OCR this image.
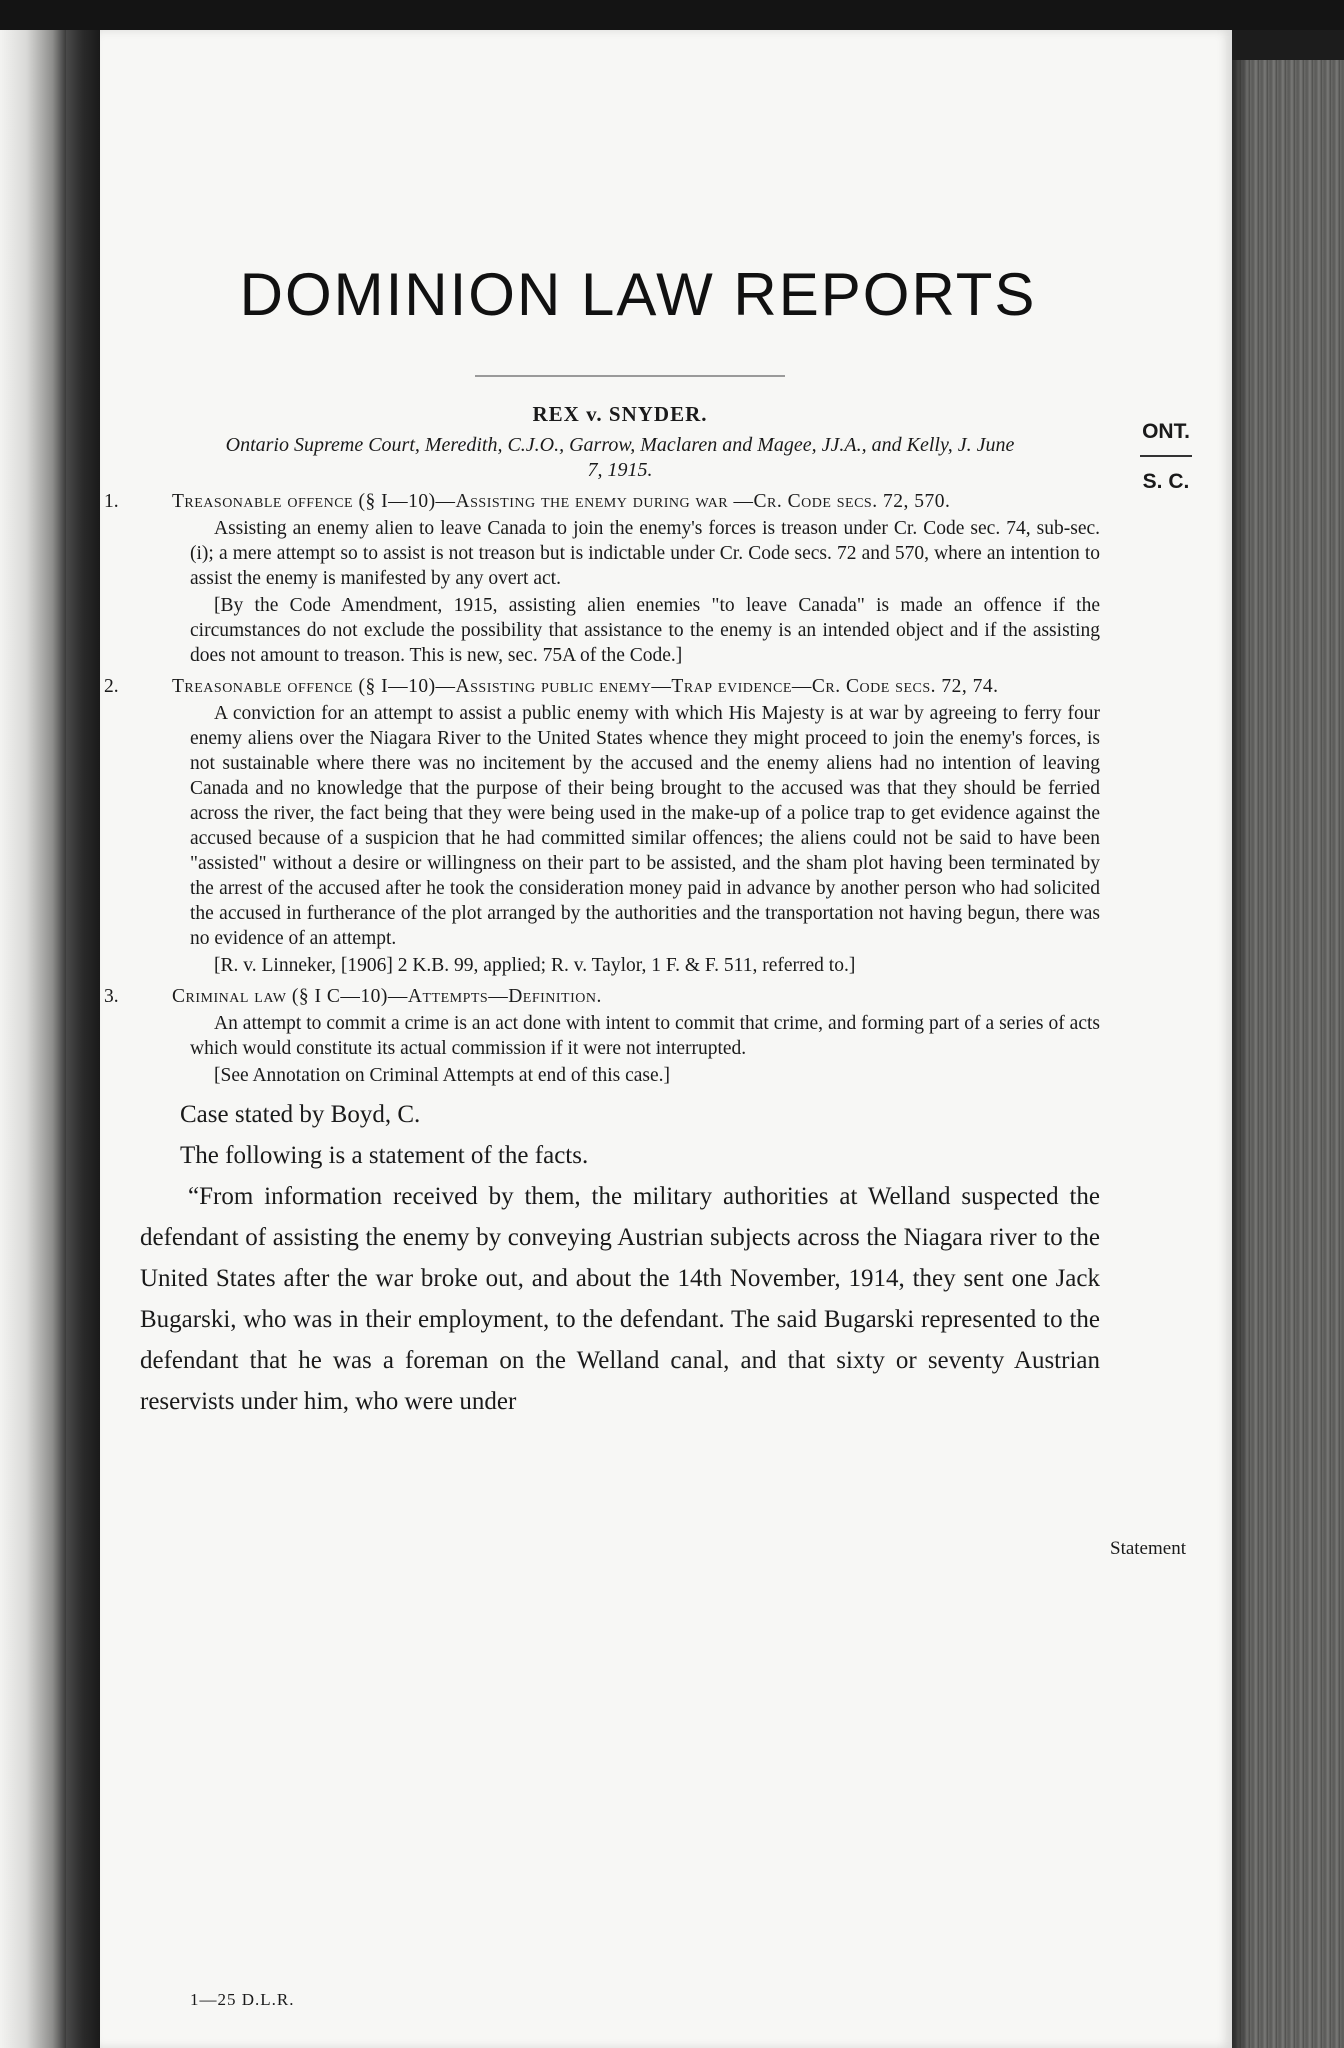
DOMINION LAW REPORTS
ONT.
S. C.
Statement

REX v. SNYDER.

Ontario Supreme Court, Meredith, C.J.O., Garrow, Maclaren and Magee, JJ.A., and Kelly, J. June 7, 1915.

1.	Treasonable offence (§ I—10)—Assisting the enemy during war —Cr. Code secs. 72, 570.

Assisting an enemy alien to leave Canada to join the enemy's forces is treason under Cr. Code sec. 74, sub-sec. (i); a mere attempt so to assist is not treason but is indictable under Cr. Code secs. 72 and 570, where an intention to assist the enemy is manifested by any overt act.

[By the Code Amendment, 1915, assisting alien enemies "to leave Canada" is made an offence if the circumstances do not exclude the possibility that assistance to the enemy is an intended object and if the assisting does not amount to treason. This is new, sec. 75A of the Code.]

2.	Treasonable offence (§ I—10)—Assisting public enemy—Trap evidence—Cr. Code secs. 72, 74.

A conviction for an attempt to assist a public enemy with which His Majesty is at war by agreeing to ferry four enemy aliens over the Niagara River to the United States whence they might proceed to join the enemy's forces, is not sustainable where there was no incitement by the accused and the enemy aliens had no intention of leaving Canada and no knowledge that the purpose of their being brought to the accused was that they should be ferried across the river, the fact being that they were being used in the make-up of a police trap to get evidence against the accused because of a suspicion that he had committed similar offences; the aliens could not be said to have been "assisted" without a desire or willingness on their part to be assisted, and the sham plot having been terminated by the arrest of the accused after he took the consideration money paid in advance by another person who had solicited the accused in furtherance of the plot arranged by the authorities and the transportation not having begun, there was no evidence of an attempt.

[R. v. Linneker, [1906] 2 K.B. 99, applied; R. v. Taylor, 1 F. & F. 511, referred to.]

3.	Criminal law (§ I C—10)—Attempts—Definition.

An attempt to commit a crime is an act done with intent to commit that crime, and forming part of a series of acts which would constitute its actual commission if it were not interrupted.

[See Annotation on Criminal Attempts at end of this case.]

Case stated by Boyd, C.

The following is a statement of the facts.

“From information received by them, the military authorities at Welland suspected the defendant of assisting the enemy by conveying Austrian subjects across the Niagara river to the United States after the war broke out, and about the 14th November, 1914, they sent one Jack Bugarski, who was in their employment, to the defendant. The said Bugarski represented to the defendant that he was a foreman on the Welland canal, and that sixty or seventy Austrian reservists under him, who were under

1—25 D.L.R.
